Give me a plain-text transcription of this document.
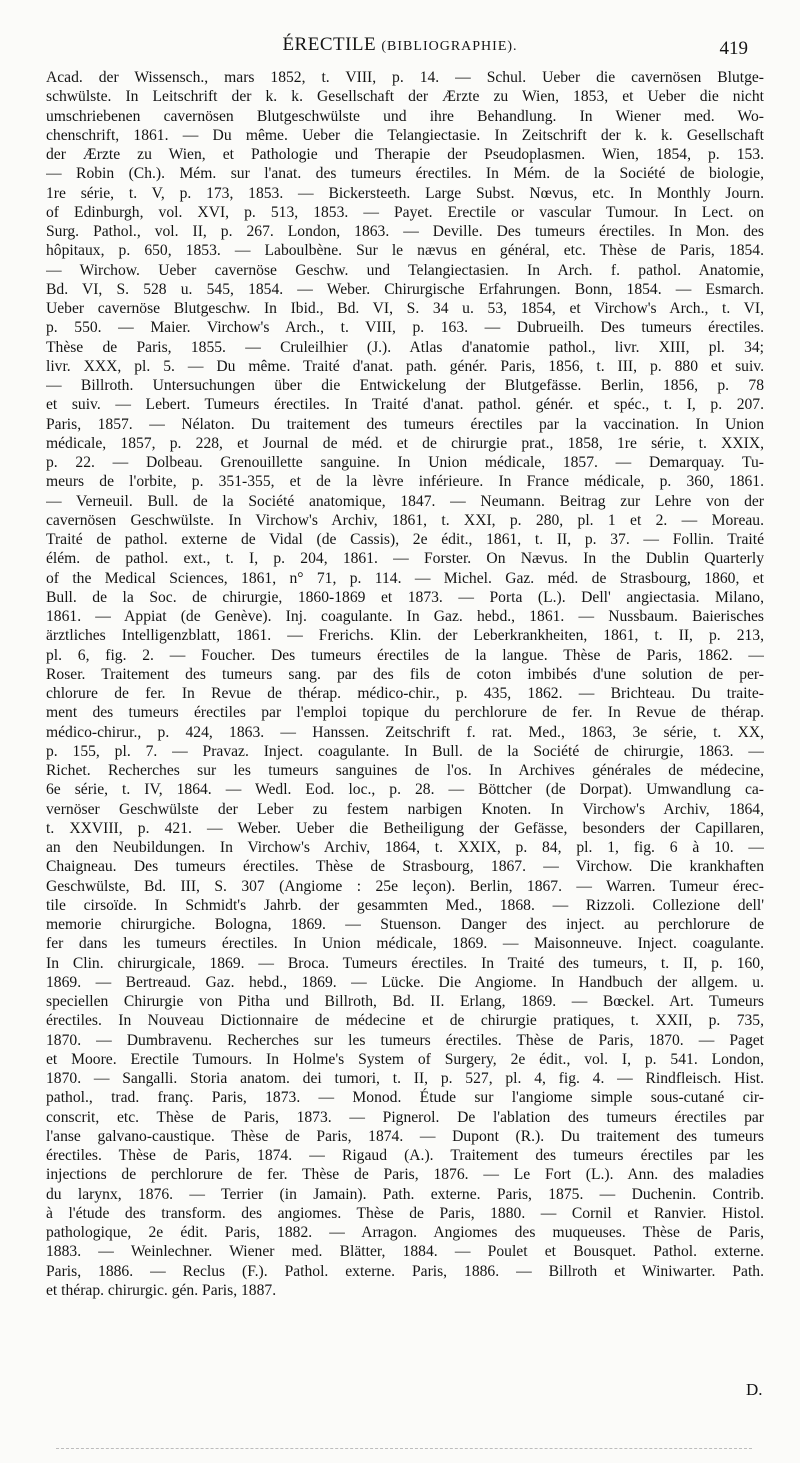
ÉRECTILE (BIBLIOGRAPHIE).	419
Acad. der Wissensch., mars 1852, t. VIII, p. 14. — Schul. Ueber die cavernösen Blutge-
schwülste. In Leitschrift der k. k. Gesellschaft der Ærzte zu Wien, 1853, et Ueber die nicht
umschriebenen cavernösen Blutgeschwülste und ihre Behandlung. In Wiener med. Wo-
chenschrift, 1861. — Du même. Ueber die Telangiectasie. In Zeitschrift der k. k. Gesellschaft
der Ærzte zu Wien, et Pathologie und Therapie der Pseudoplasmen. Wien, 1854, p. 153.
— Robin (Ch.). Mém. sur l'anat. des tumeurs érectiles. In Mém. de la Société de biologie,
1re série, t. V, p. 173, 1853. — Bickersteeth. Large Subst. Nœvus, etc. In Monthly Journ.
of Edinburgh, vol. XVI, p. 513, 1853. — Payet. Erectile or vascular Tumour. In Lect. on
Surg. Pathol., vol. II, p. 267. London, 1863. — Deville. Des tumeurs érectiles. In Mon. des
hôpitaux, p. 650, 1853. — Laboulbène. Sur le nævus en général, etc. Thèse de Paris, 1854.
— Wirchow. Ueber cavernöse Geschw. und Telangiectasien. In Arch. f. pathol. Anatomie,
Bd. VI, S. 528 u. 545, 1854. — Weber. Chirurgische Erfahrungen. Bonn, 1854. — Esmarch.
Ueber cavernöse Blutgeschw. In Ibid., Bd. VI, S. 34 u. 53, 1854, et Virchow's Arch., t. VI,
p. 550. — Maier. Virchow's Arch., t. VIII, p. 163. — Dubrueilh. Des tumeurs érectiles.
Thèse de Paris, 1855. — Cruleilhier (J.). Atlas d'anatomie pathol., livr. XIII, pl. 34;
livr. XXX, pl. 5. — Du même. Traité d'anat. path. génér. Paris, 1856, t. III, p. 880 et suiv.
— Billroth. Untersuchungen über die Entwickelung der Blutgefässe. Berlin, 1856, p. 78
et suiv. — Lebert. Tumeurs érectiles. In Traité d'anat. pathol. génér. et spéc., t. I, p. 207.
Paris, 1857. — Nélaton. Du traitement des tumeurs érectiles par la vaccination. In Union
médicale, 1857, p. 228, et Journal de méd. et de chirurgie prat., 1858, 1re série, t. XXIX,
p. 22. — Dolbeau. Grenouillette sanguine. In Union médicale, 1857. — Demarquay. Tu-
meurs de l'orbite, p. 351-355, et de la lèvre inférieure. In France médicale, p. 360, 1861.
— Verneuil. Bull. de la Société anatomique, 1847. — Neumann. Beitrag zur Lehre von der
cavernösen Geschwülste. In Virchow's Archiv, 1861, t. XXI, p. 280, pl. 1 et 2. — Moreau.
Traité de pathol. externe de Vidal (de Cassis), 2e édit., 1861, t. II, p. 37. — Follin. Traité
élém. de pathol. ext., t. I, p. 204, 1861. — Forster. On Nævus. In the Dublin Quarterly
of the Medical Sciences, 1861, n° 71, p. 114. — Michel. Gaz. méd. de Strasbourg, 1860, et
Bull. de la Soc. de chirurgie, 1860-1869 et 1873. — Porta (L.). Dell' angiectasia. Milano,
1861. — Appiat (de Genève). Inj. coagulante. In Gaz. hebd., 1861. — Nussbaum. Baierisches
ärztliches Intelligenzblatt, 1861. — Frerichs. Klin. der Leberkrankheiten, 1861, t. II, p. 213,
pl. 6, fig. 2. — Foucher. Des tumeurs érectiles de la langue. Thèse de Paris, 1862. —
Roser. Traitement des tumeurs sang. par des fils de coton imbibés d'une solution de per-
chlorure de fer. In Revue de thérap. médico-chir., p. 435, 1862. — Brichteau. Du traite-
ment des tumeurs érectiles par l'emploi topique du perchlorure de fer. In Revue de thérap.
médico-chirur., p. 424, 1863. — Hanssen. Zeitschrift f. rat. Med., 1863, 3e série, t. XX,
p. 155, pl. 7. — Pravaz. Inject. coagulante. In Bull. de la Société de chirurgie, 1863. —
Richet. Recherches sur les tumeurs sanguines de l'os. In Archives générales de médecine,
6e série, t. IV, 1864. — Wedl. Eod. loc., p. 28. — Böttcher (de Dorpat). Umwandlung ca-
vernöser Geschwülste der Leber zu festem narbigen Knoten. In Virchow's Archiv, 1864,
t. XXVIII, p. 421. — Weber. Ueber die Betheiligung der Gefässe, besonders der Capillaren,
an den Neubildungen. In Virchow's Archiv, 1864, t. XXIX, p. 84, pl. 1, fig. 6 à 10. —
Chaigneau. Des tumeurs érectiles. Thèse de Strasbourg, 1867. — Virchow. Die krankhaften
Geschwülste, Bd. III, S. 307 (Angiome : 25e leçon). Berlin, 1867. — Warren. Tumeur érec-
tile cirsoïde. In Schmidt's Jahrb. der gesammten Med., 1868. — Rizzoli. Collezione dell'
memorie chirurgiche. Bologna, 1869. — Stuenson. Danger des inject. au perchlorure de
fer dans les tumeurs érectiles. In Union médicale, 1869. — Maisonneuve. Inject. coagulante.
In Clin. chirurgicale, 1869. — Broca. Tumeurs érectiles. In Traité des tumeurs, t. II, p. 160,
1869. — Bertreaud. Gaz. hebd., 1869. — Lücke. Die Angiome. In Handbuch der allgem. u.
speciellen Chirurgie von Pitha und Billroth, Bd. II. Erlang, 1869. — Bœckel. Art. Tumeurs
érectiles. In Nouveau Dictionnaire de médecine et de chirurgie pratiques, t. XXII, p. 735,
1870. — Dumbravenu. Recherches sur les tumeurs érectiles. Thèse de Paris, 1870. — Paget
et Moore. Erectile Tumours. In Holme's System of Surgery, 2e édit., vol. I, p. 541. London,
1870. — Sangalli. Storia anatom. dei tumori, t. II, p. 527, pl. 4, fig. 4. — Rindfleisch. Hist.
pathol., trad. franç. Paris, 1873. — Monod. Étude sur l'angiome simple sous-cutané cir-
conscrit, etc. Thèse de Paris, 1873. — Pignerol. De l'ablation des tumeurs érectiles par
l'anse galvano-caustique. Thèse de Paris, 1874. — Dupont (R.). Du traitement des tumeurs
érectiles. Thèse de Paris, 1874. — Rigaud (A.). Traitement des tumeurs érectiles par les
injections de perchlorure de fer. Thèse de Paris, 1876. — Le Fort (L.). Ann. des maladies
du larynx, 1876. — Terrier (in Jamain). Path. externe. Paris, 1875. — Duchenin. Contrib.
à l'étude des transform. des angiomes. Thèse de Paris, 1880. — Cornil et Ranvier. Histol.
pathologique, 2e édit. Paris, 1882. — Arragon. Angiomes des muqueuses. Thèse de Paris,
1883. — Weinlechner. Wiener med. Blätter, 1884. — Poulet et Bousquet. Pathol. externe.
Paris, 1886. — Reclus (F.). Pathol. externe. Paris, 1886. — Billroth et Winiwarter. Path.
et thérap. chirurgic. gén. Paris, 1887.
D.
